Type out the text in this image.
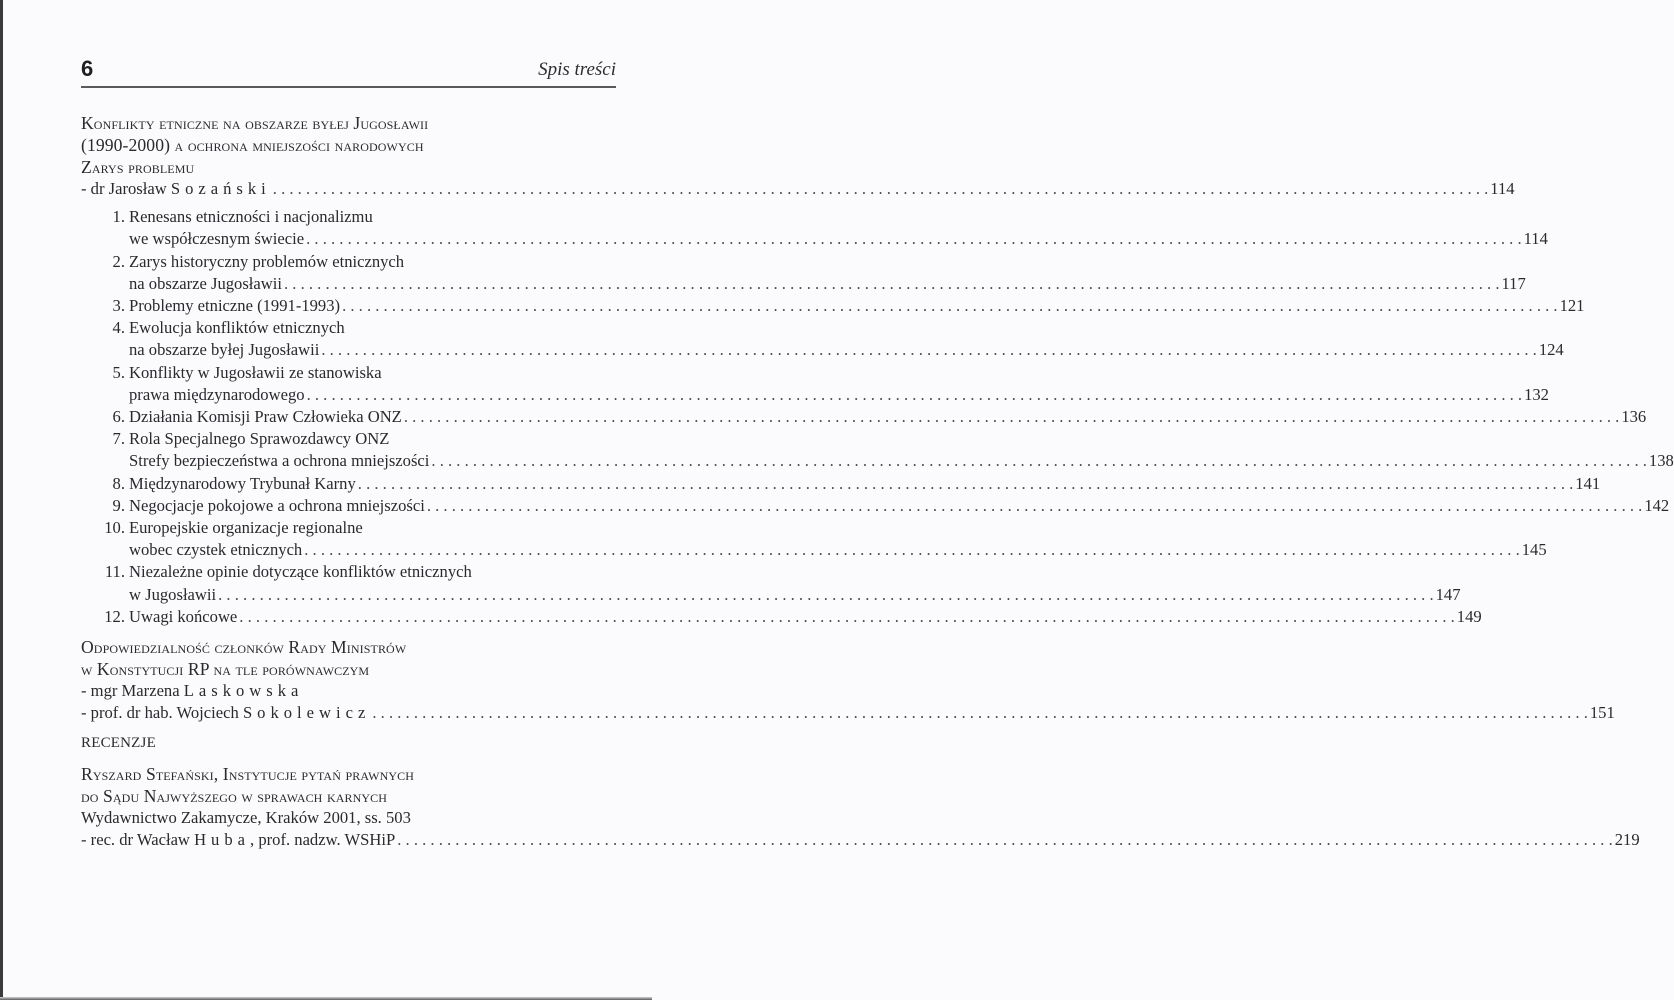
6	Spis treści
Konflikty etniczne na obszarze byłej Jugosławii
(1990-2000) a ochrona mniejszości narodowych
Zarys problemu
- dr Jarosław Sozański . . .	114
1. Renesans etniczności i nacjonalizmu
we współczesnym świecie . . .	114
2. Zarys historyczny problemów etnicznych
na obszarze Jugosławii . . .	117
3. Problemy etniczne (1991-1993) . . .	121
4. Ewolucja konfliktów etnicznych
na obszarze byłej Jugosławii . . .	124
5. Konflikty w Jugosławii ze stanowiska
prawa międzynarodowego . . .	132
6. Działania Komisji Praw Człowieka ONZ . . .	136
7. Rola Specjalnego Sprawozdawcy ONZ
Strefy bezpieczeństwa a ochrona mniejszości . . .	138
8. Międzynarodowy Trybunał Karny . . .	141
9. Negocjacje pokojowe a ochrona mniejszości . . .	142
10. Europejskie organizacje regionalne
wobec czystek etnicznych . . .	145
11. Niezależne opinie dotyczące konfliktów etnicznych
w Jugosławii . . .	147
12. Uwagi końcowe . . .	149
Odpowiedzialność członków Rady Ministrów
w Konstytucji RP na tle porównawczym
- mgr Marzena Laskowska
- prof. dr hab. Wojciech Sokolewicz . . .	151
RECENZJE
Ryszard Stefański, Instytucje pytań prawnych
do Sądu Najwyższego w sprawach karnych
Wydawnictwo Zakamycze, Kraków 2001, ss. 503
- rec. dr Wacław Huba, prof. nadzw. WSHiP . . .	219
